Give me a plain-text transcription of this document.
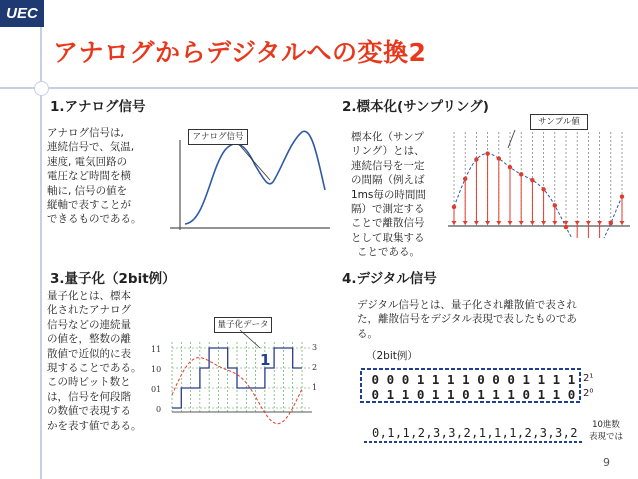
UEC
アナログからデジタルへの変換2
1.アナログ信号
アナログ信号は,
連続信号で、気温,
速度, 電気回路の
電圧など時間を横
軸に, 信号の値を
縦軸で表すことが
できるものである。
アナログ信号
2.標本化(サンプリング)
標本化（サンプ
リング）とは、
連続信号を一定
の間隔（例えば
1ms毎の時間間
隔）で測定する
ことで離散信号
として取集する
ことである。
サンプル値
3.量子化（2bit例）
量子化とは、標本
化されたアナログ
信号などの連続量
の値を，整数の離
散値で近似的に表
現することである。
この時ビット数と
は，信号を何段階
の数値で表現する
かを表す値である。
量子化データ
11
10
01
0
3
2
1
1
4.デジタル信号
デジタル信号とは、量子化され離散値で表され
た，離散信号をデジタル表現で表したものであ
る。
（2bit例）
0 0 0 1 1 1 1 0 0 0 1 1 1 1
0 1 1 0 1 1 0 1 1 1 0 1 1 0
2¹
2⁰
0,1,1,2,3,3,2,1,1,1,2,3,3,2
10進数
表現では
9
